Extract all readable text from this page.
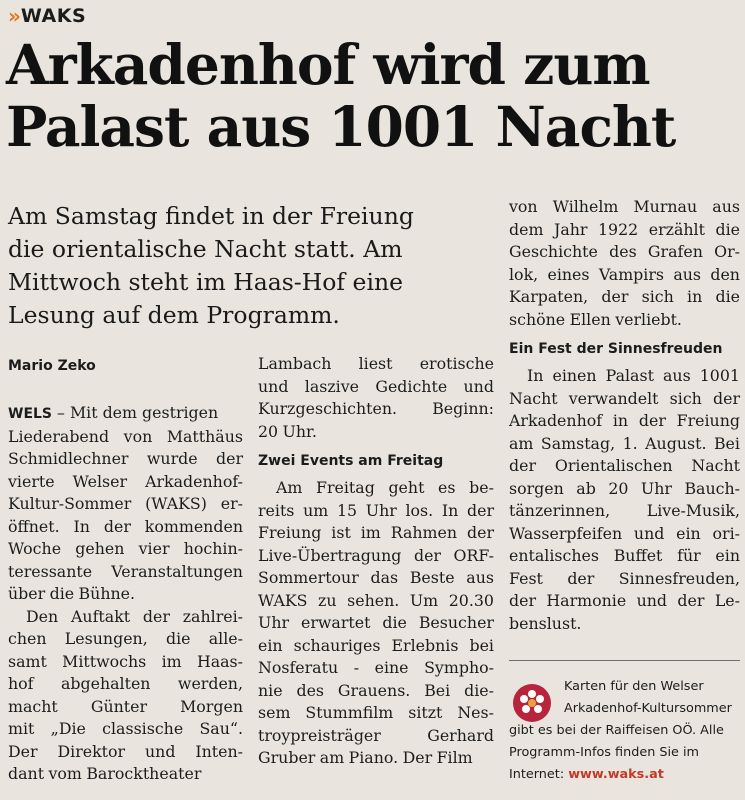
» WAKS
Arkadenhof wird zum
Palast aus 1001 Nacht
Am Samstag findet in der Freiung
die orientalische Nacht statt. Am
Mittwoch steht im Haas-Hof eine
Lesung auf dem Programm.
Mario Zeko
WELS – Mit dem gestrigen
Liederabend von Matthäus
Schmidlechner wurde der
vierte Welser Arkadenhof-
Kultur-Sommer (WAKS) er-
öffnet. In der kommenden
Woche gehen vier hochin-
teressante Veranstaltungen
über die Bühne.
Den Auftakt der zahlrei-
chen Lesungen, die alle-
samt Mittwochs im Haas-
hof abgehalten werden,
macht Günter Morgen
mit „Die classische Sau“.
Der Direktor und Inten-
dant vom Barocktheater
Lambach liest erotische
und laszive Gedichte und
Kurzgeschichten. Beginn:
20 Uhr.
Zwei Events am Freitag
Am Freitag geht es be-
reits um 15 Uhr los. In der
Freiung ist im Rahmen der
Live-Übertragung der ORF-
Sommertour das Beste aus
WAKS zu sehen. Um 20.30
Uhr erwartet die Besucher
ein schauriges Erlebnis bei
Nosferatu - eine Sympho-
nie des Grauens. Bei die-
sem Stummfilm sitzt Nes-
troypreisträger	Gerhard
Gruber am Piano. Der Film
von Wilhelm Murnau aus
dem Jahr 1922 erzählt die
Geschichte des Grafen Or-
lok, eines Vampirs aus den
Karpaten, der sich in die
schöne Ellen verliebt.
Ein Fest der Sinnesfreuden
In einen Palast aus 1001
Nacht verwandelt sich der
Arkadenhof in der Freiung
am Samstag, 1. August. Bei
der Orientalischen Nacht
sorgen ab 20 Uhr Bauch-
tänzerinnen, Live-Musik,
Wasserpfeifen und ein ori-
entalisches Buffet für ein
Fest der Sinnesfreuden,
der Harmonie und der Le-
benslust.
Karten für den Welser
Arkadenhof-Kultursommer
gibt es bei der Raiffeisen OÖ. Alle
Programm-Infos finden Sie im
Internet: www.waks.at
